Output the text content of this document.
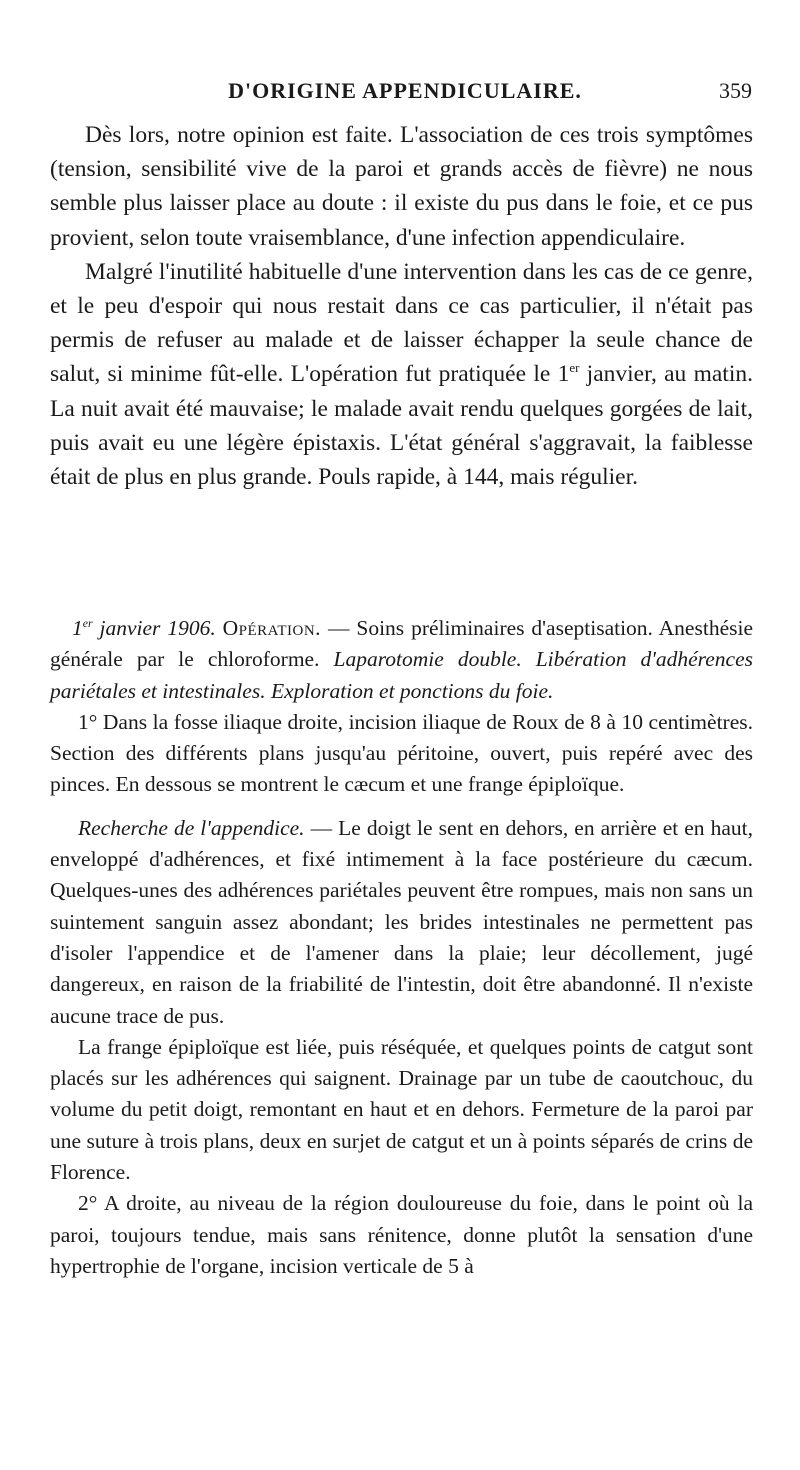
D'ORIGINE APPENDICULAIRE.	359

Dès lors, notre opinion est faite. L'association de ces trois symptômes (tension, sensibilité vive de la paroi et grands accès de fièvre) ne nous semble plus laisser place au doute : il existe du pus dans le foie, et ce pus provient, selon toute vraisemblance, d'une infection appendiculaire.

Malgré l'inutilité habituelle d'une intervention dans les cas de ce genre, et le peu d'espoir qui nous restait dans ce cas particulier, il n'était pas permis de refuser au malade et de laisser échapper la seule chance de salut, si minime fût-elle. L'opération fut pratiquée le 1er janvier, au matin. La nuit avait été mauvaise; le malade avait rendu quelques gorgées de lait, puis avait eu une légère épistaxis. L'état général s'aggravait, la faiblesse était de plus en plus grande. Pouls rapide, à 144, mais régulier.

1er janvier 1906. Opération. — Soins préliminaires d'aseptisation. Anesthésie générale par le chloroforme. Laparotomie double. Libération d'adhérences pariétales et intestinales. Exploration et ponctions du foie.

1° Dans la fosse iliaque droite, incision iliaque de Roux de 8 à 10 centimètres. Section des différents plans jusqu'au péritoine, ouvert, puis repéré avec des pinces. En dessous se montrent le cæcum et une frange épiploïque.

Recherche de l'appendice. — Le doigt le sent en dehors, en arrière et en haut, enveloppé d'adhérences, et fixé intimement à la face postérieure du cæcum. Quelques-unes des adhérences pariétales peuvent être rompues, mais non sans un suintement sanguin assez abondant; les brides intestinales ne permettent pas d'isoler l'appendice et de l'amener dans la plaie; leur décollement, jugé dangereux, en raison de la friabilité de l'intestin, doit être abandonné. Il n'existe aucune trace de pus.

La frange épiploïque est liée, puis réséquée, et quelques points de catgut sont placés sur les adhérences qui saignent. Drainage par un tube de caoutchouc, du volume du petit doigt, remontant en haut et en dehors. Fermeture de la paroi par une suture à trois plans, deux en surjet de catgut et un à points séparés de crins de Florence.

2° A droite, au niveau de la région douloureuse du foie, dans le point où la paroi, toujours tendue, mais sans rénitence, donne plutôt la sensation d'une hypertrophie de l'organe, incision verticale de 5 à
